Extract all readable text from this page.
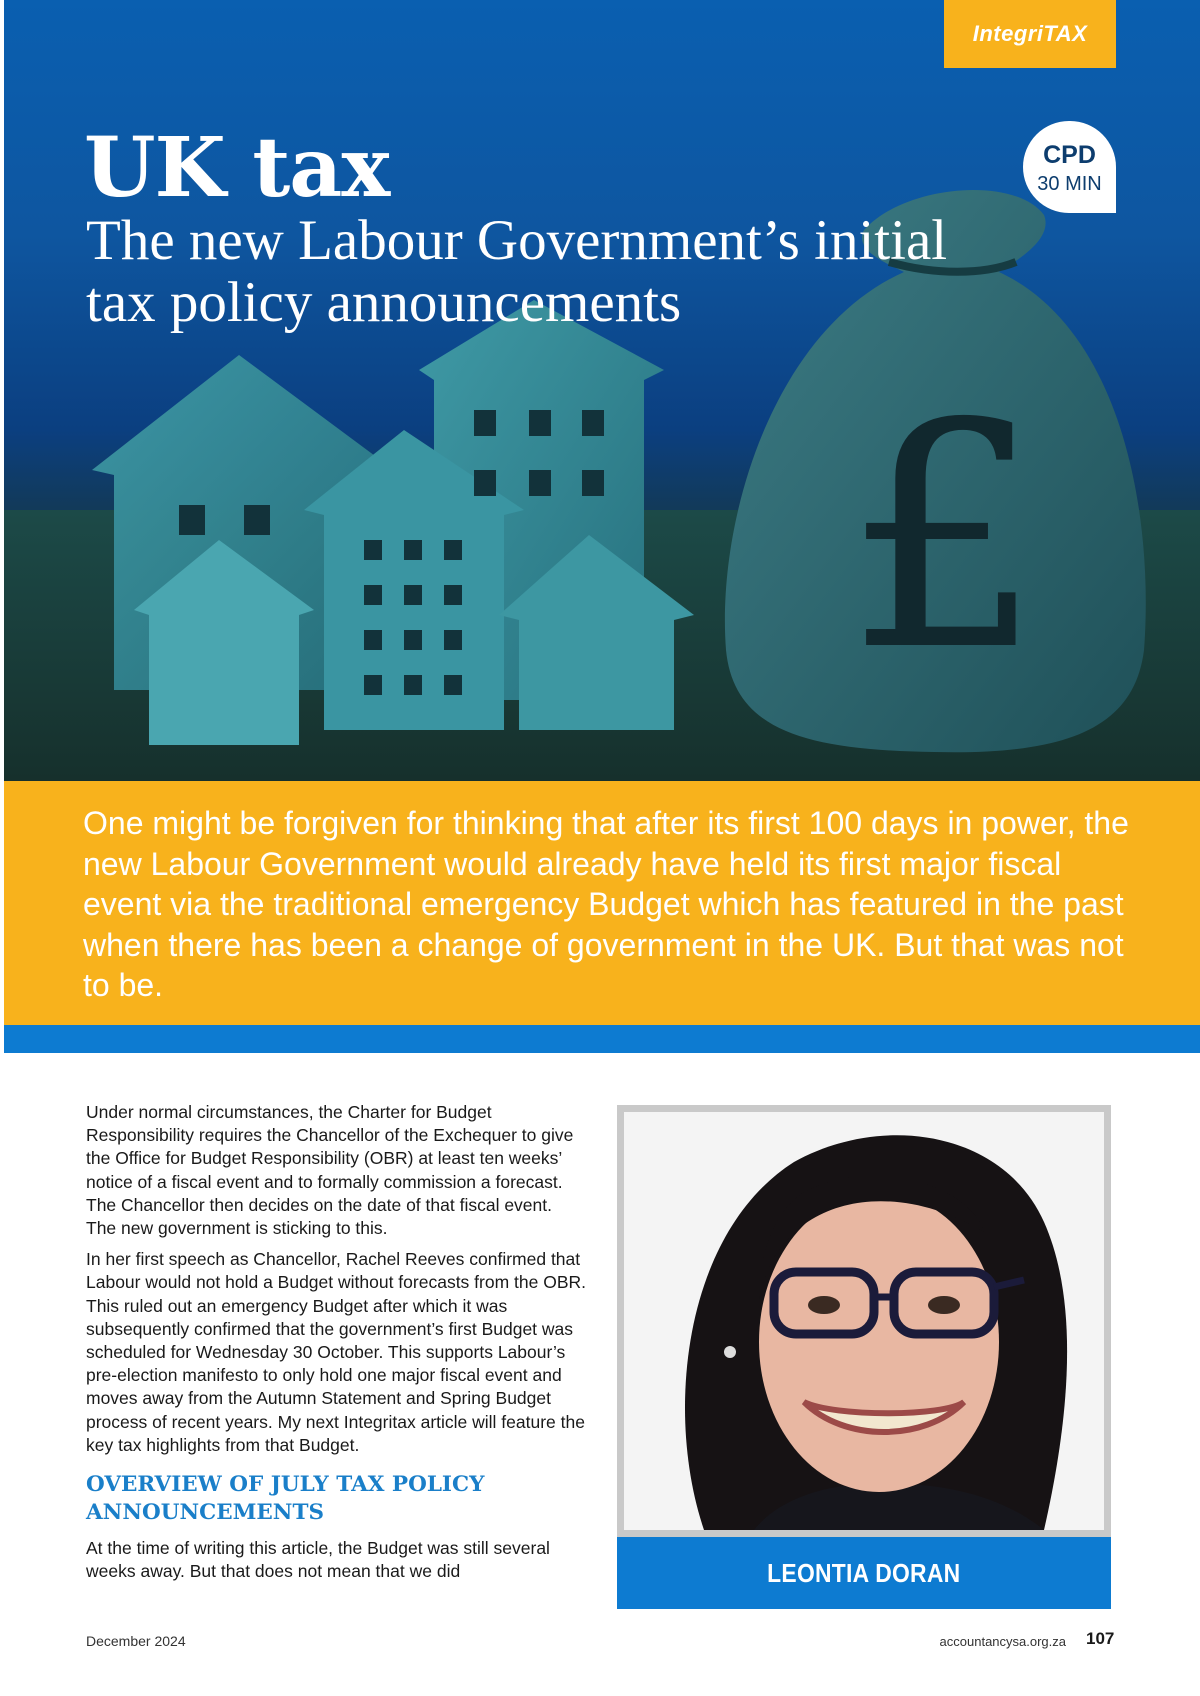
£
IntegriTAX
CPD
30 MIN
UK tax
The new Labour Government’s initial tax policy announcements

One might be forgiven for thinking that after its first 100 days in power, the new Labour Government would already have held its first major fiscal event via the traditional emergency Budget which has featured in the past when there has been a change of government in the UK. But that was not to be.

Under normal circumstances, the Charter for Budget Responsibility requires the Chancellor of the Exchequer to give the Office for Budget Responsibility (OBR) at least ten weeks’ notice of a fiscal event and to formally commission a forecast. The Chancellor then decides on the date of that fiscal event. The new government is sticking to this.

In her first speech as Chancellor, Rachel Reeves confirmed that Labour would not hold a Budget without forecasts from the OBR. This ruled out an emergency Budget after which it was subsequently confirmed that the government’s first Budget was scheduled for Wednesday 30 October. This supports Labour’s pre-election manifesto to only hold one major fiscal event and moves away from the Autumn Statement and Spring Budget process of recent years. My next Integritax article will feature the key tax highlights from that Budget.

OVERVIEW OF JULY TAX POLICY ANNOUNCEMENTS

At the time of writing this article, the Budget was still several weeks away. But that does not mean that we did	LEONTIA DORAN
December 2024	accountancysa.org.za 107
